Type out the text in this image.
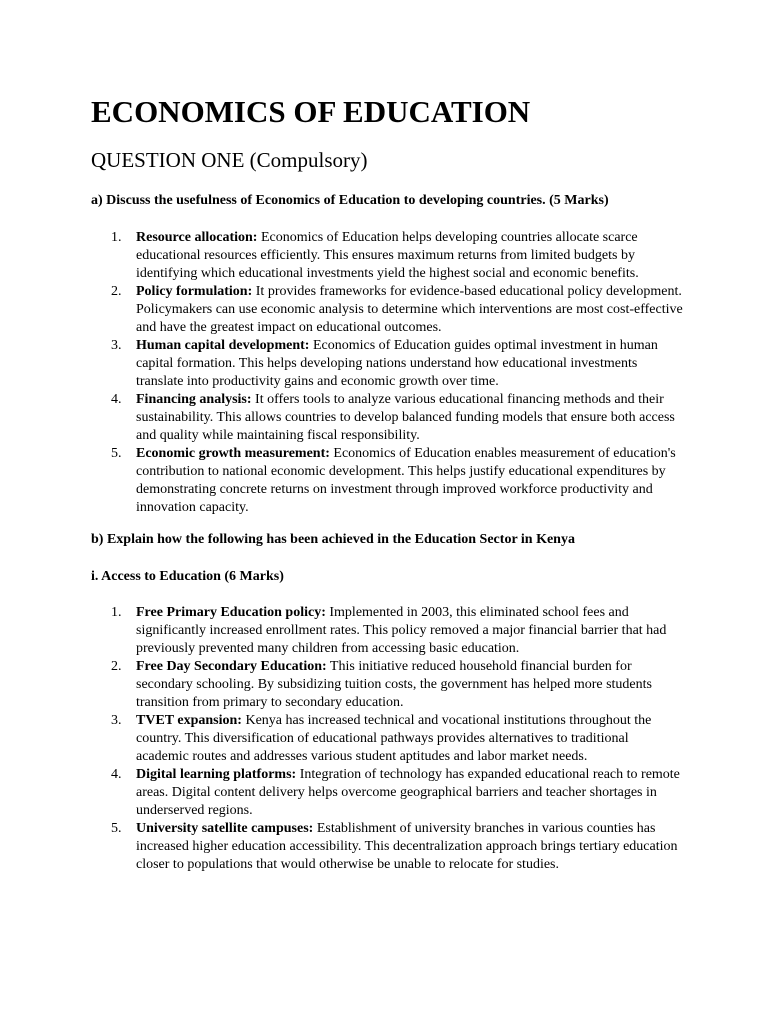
ECONOMICS OF EDUCATION
QUESTION ONE (Compulsory)

a) Discuss the usefulness of Economics of Education to developing countries. (5 Marks)

1. Resource allocation: Economics of Education helps developing countries allocate scarce educational resources efficiently. This ensures maximum returns from limited budgets by identifying which educational investments yield the highest social and economic benefits.
2. Policy formulation: It provides frameworks for evidence-based educational policy development. Policymakers can use economic analysis to determine which interventions are most cost-effective and have the greatest impact on educational outcomes.
3. Human capital development: Economics of Education guides optimal investment in human capital formation. This helps developing nations understand how educational investments translate into productivity gains and economic growth over time.
4. Financing analysis: It offers tools to analyze various educational financing methods and their sustainability. This allows countries to develop balanced funding models that ensure both access and quality while maintaining fiscal responsibility.
5. Economic growth measurement: Economics of Education enables measurement of education's contribution to national economic development. This helps justify educational expenditures by demonstrating concrete returns on investment through improved workforce productivity and innovation capacity.

b) Explain how the following has been achieved in the Education Sector in Kenya

i. Access to Education (6 Marks)

1. Free Primary Education policy: Implemented in 2003, this eliminated school fees and significantly increased enrollment rates. This policy removed a major financial barrier that had previously prevented many children from accessing basic education.
2. Free Day Secondary Education: This initiative reduced household financial burden for secondary schooling. By subsidizing tuition costs, the government has helped more students transition from primary to secondary education.
3. TVET expansion: Kenya has increased technical and vocational institutions throughout the country. This diversification of educational pathways provides alternatives to traditional academic routes and addresses various student aptitudes and labor market needs.
4. Digital learning platforms: Integration of technology has expanded educational reach to remote areas. Digital content delivery helps overcome geographical barriers and teacher shortages in underserved regions.
5. University satellite campuses: Establishment of university branches in various counties has increased higher education accessibility. This decentralization approach brings tertiary education closer to populations that would otherwise be unable to relocate for studies.
